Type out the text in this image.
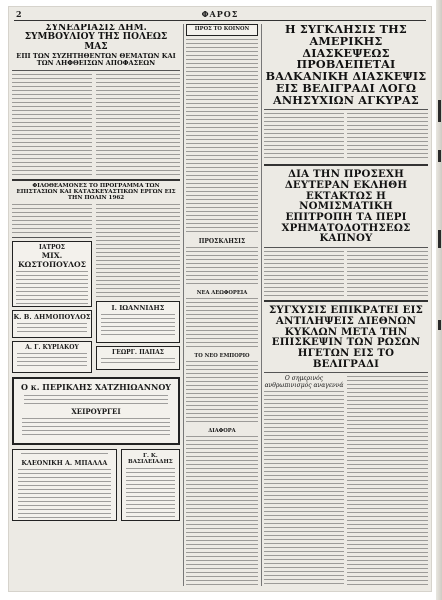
2	ΦΑΡΟΣ
ΣΥΝΕΔΡΙΑΣΙΣ ΔΗΜ. ΣΥΜΒΟΥΛΙΟΥ ΤΗΣ ΠΟΛΕΩΣ ΜΑΣ
ΕΠΙ ΤΩΝ ΣΥΖΗΤΗΘΕΝΤΩΝ ΘΕΜΑΤΩΝ ΚΑΙ ΤΩΝ ΛΗΦΘΕΙΣΩΝ ΑΠΟΦΑΣΕΩΝ
ΦΙΛΟΘΕΑΜΟΝΕΣ ΤΟ ΠΡΟΓΡΑΜΜΑ ΤΩΝ ΕΠΙΣΤΑΣΙΩΝ ΚΑΙ ΚΑΤΑΣΚΕΥΑΣΤΙΚΩΝ ΕΡΓΩΝ ΕΙΣ ΤΗΝ ΠΟΛΙΝ 1962
ΙΑΤΡΟΣ
ΜΙΧ. ΚΩΣΤΟΠΟΥΛΟΣ
Κ. Β. ΔΗΜΟΠΟΥΛΟΣ
Α. Γ. ΚΥΡΙΑΚΟΥ
Ι. ΙΩΑΝΝΙΔΗΣ
ΓΕΩΡΓ. ΠΑΠΑΣ
Ο κ. ΠΕΡΙΚΛΗΣ ΧΑΤΖΗΙΩΑΝΝΟΥ
ΧΕΙΡΟΥΡΓΕΙ
ΚΛΕΟΝΙΚΗ Α. ΜΠΑΛΛΑ
Γ. Κ. ΒΑΣΙΛΕΙΑΔΗΣ
ΠΡΟΣ ΤΟ ΚΟΙΝΟΝ
ΠΡΟΣΚΛΗΣΙΣ
ΝΕΑ ΛΕΩΦΟΡΕΙΑ
ΤΟ ΝΕΟ ΕΜΠΟΡΙΟ
ΔΙΑΦΟΡΑ
Η ΣΥΓΚΛΗΣΙΣ ΤΗΣ ΑΜΕΡΙΚΗΣ ΔΙΑΣΚΕΨΕΩΣ ΠΡΟΒΛΕΠΕΤΑΙ ΒΑΛΚΑΝΙΚΗ ΔΙΑΣΚΕΨΙΣ ΕΙΣ ΒΕΛΙΓΡΑΔΙ ΛΟΓΩ ΑΝΗΣΥΧΙΩΝ ΑΓΚΥΡΑΣ
ΔΙΑ ΤΗΝ ΠΡΟΣΕΧΗ ΔΕΥΤΕΡΑΝ ΕΚΛΗΘΗ ΕΚΤΑΚΤΩΣ Η ΝΟΜΙΣΜΑΤΙΚΗ ΕΠΙΤΡΟΠΗ ΤΑ ΠΕΡΙ ΧΡΗΜΑΤΟΔΟΤΗΣΕΩΣ ΚΑΠΝΟΥ
ΣΥΓΧΥΣΙΣ ΕΠΙΚΡΑΤΕΙ ΕΙΣ ΑΝΤΙΛΗΨΕΙΣ ΔΙΕΘΝΩΝ ΚΥΚΛΩΝ ΜΕΤΑ ΤΗΝ ΕΠΙΣΚΕΨΙΝ ΤΩΝ ΡΩΣΩΝ ΗΓΕΤΩΝ ΕΙΣ ΤΟ ΒΕΛΙΓΡΑΔΙ
Ο σημερινός ανθρωπινισμός αναγεννά
